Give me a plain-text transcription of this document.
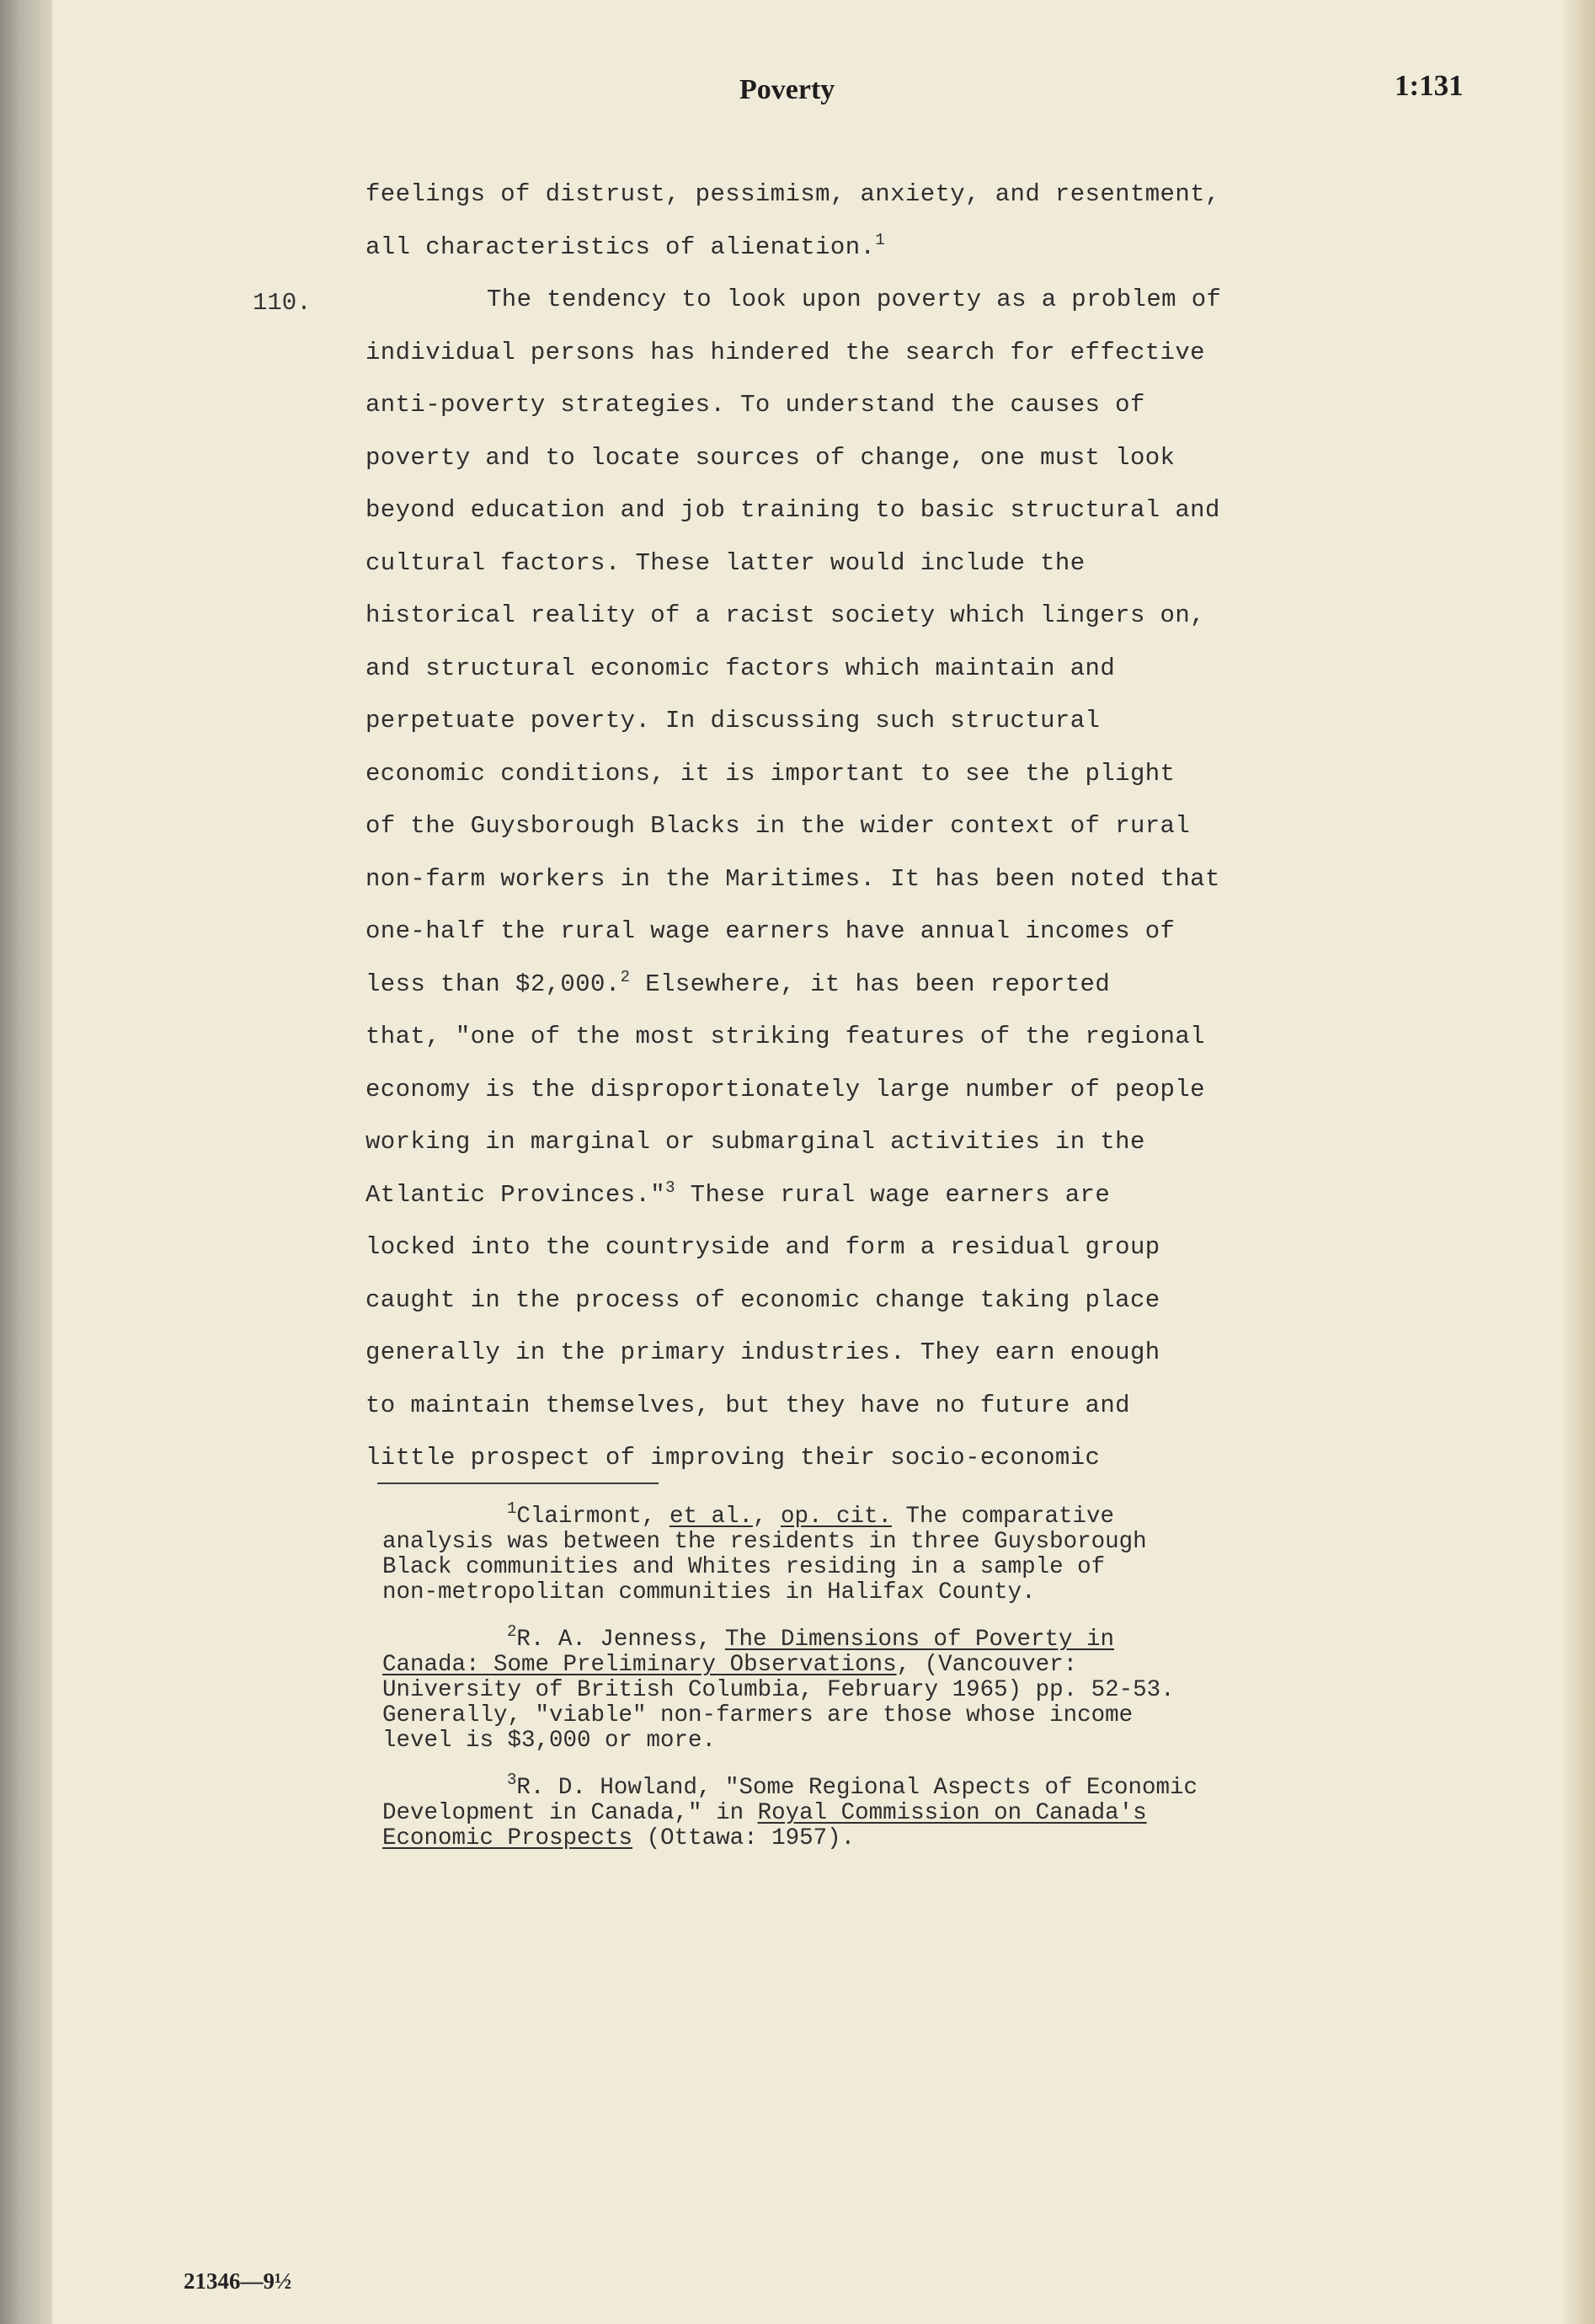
Poverty	1:131
110.
feelings of distrust, pessimism, anxiety, and resentment,
all characteristics of alienation.$^1$
The tendency to look upon poverty as a problem of
individual persons has hindered the search for effective
anti-poverty strategies. To understand the causes of
poverty and to locate sources of change, one must look
beyond education and job training to basic structural and
cultural factors. These latter would include the
historical reality of a racist society which lingers on,
and structural economic factors which maintain and
perpetuate poverty. In discussing such structural
economic conditions, it is important to see the plight
of the Guysborough Blacks in the wider context of rural
non-farm workers in the Maritimes. It has been noted that
one-half the rural wage earners have annual incomes of
less than $2,000.$^2$ Elsewhere, it has been reported
that, "one of the most striking features of the regional
economy is the disproportionately large number of people
working in marginal or submarginal activities in the
Atlantic Provinces."$^3$ These rural wage earners are
locked into the countryside and form a residual group
caught in the process of economic change taking place
generally in the primary industries. They earn enough
to maintain themselves, but they have no future and
little prospect of improving their socio-economic
$^1$Clairmont, et al., op. cit. The comparative
analysis was between the residents in three Guysborough
Black communities and Whites residing in a sample of
non-metropolitan communities in Halifax County.
$^2$R. A. Jenness, The Dimensions of Poverty in
Canada: Some Preliminary Observations, (Vancouver:
University of British Columbia, February 1965) pp. 52-53.
Generally, "viable" non-farmers are those whose income
level is $3,000 or more.
$^3$R. D. Howland, "Some Regional Aspects of Economic
Development in Canada," in Royal Commission on Canada's
Economic Prospects (Ottawa: 1957).
21346—9½
